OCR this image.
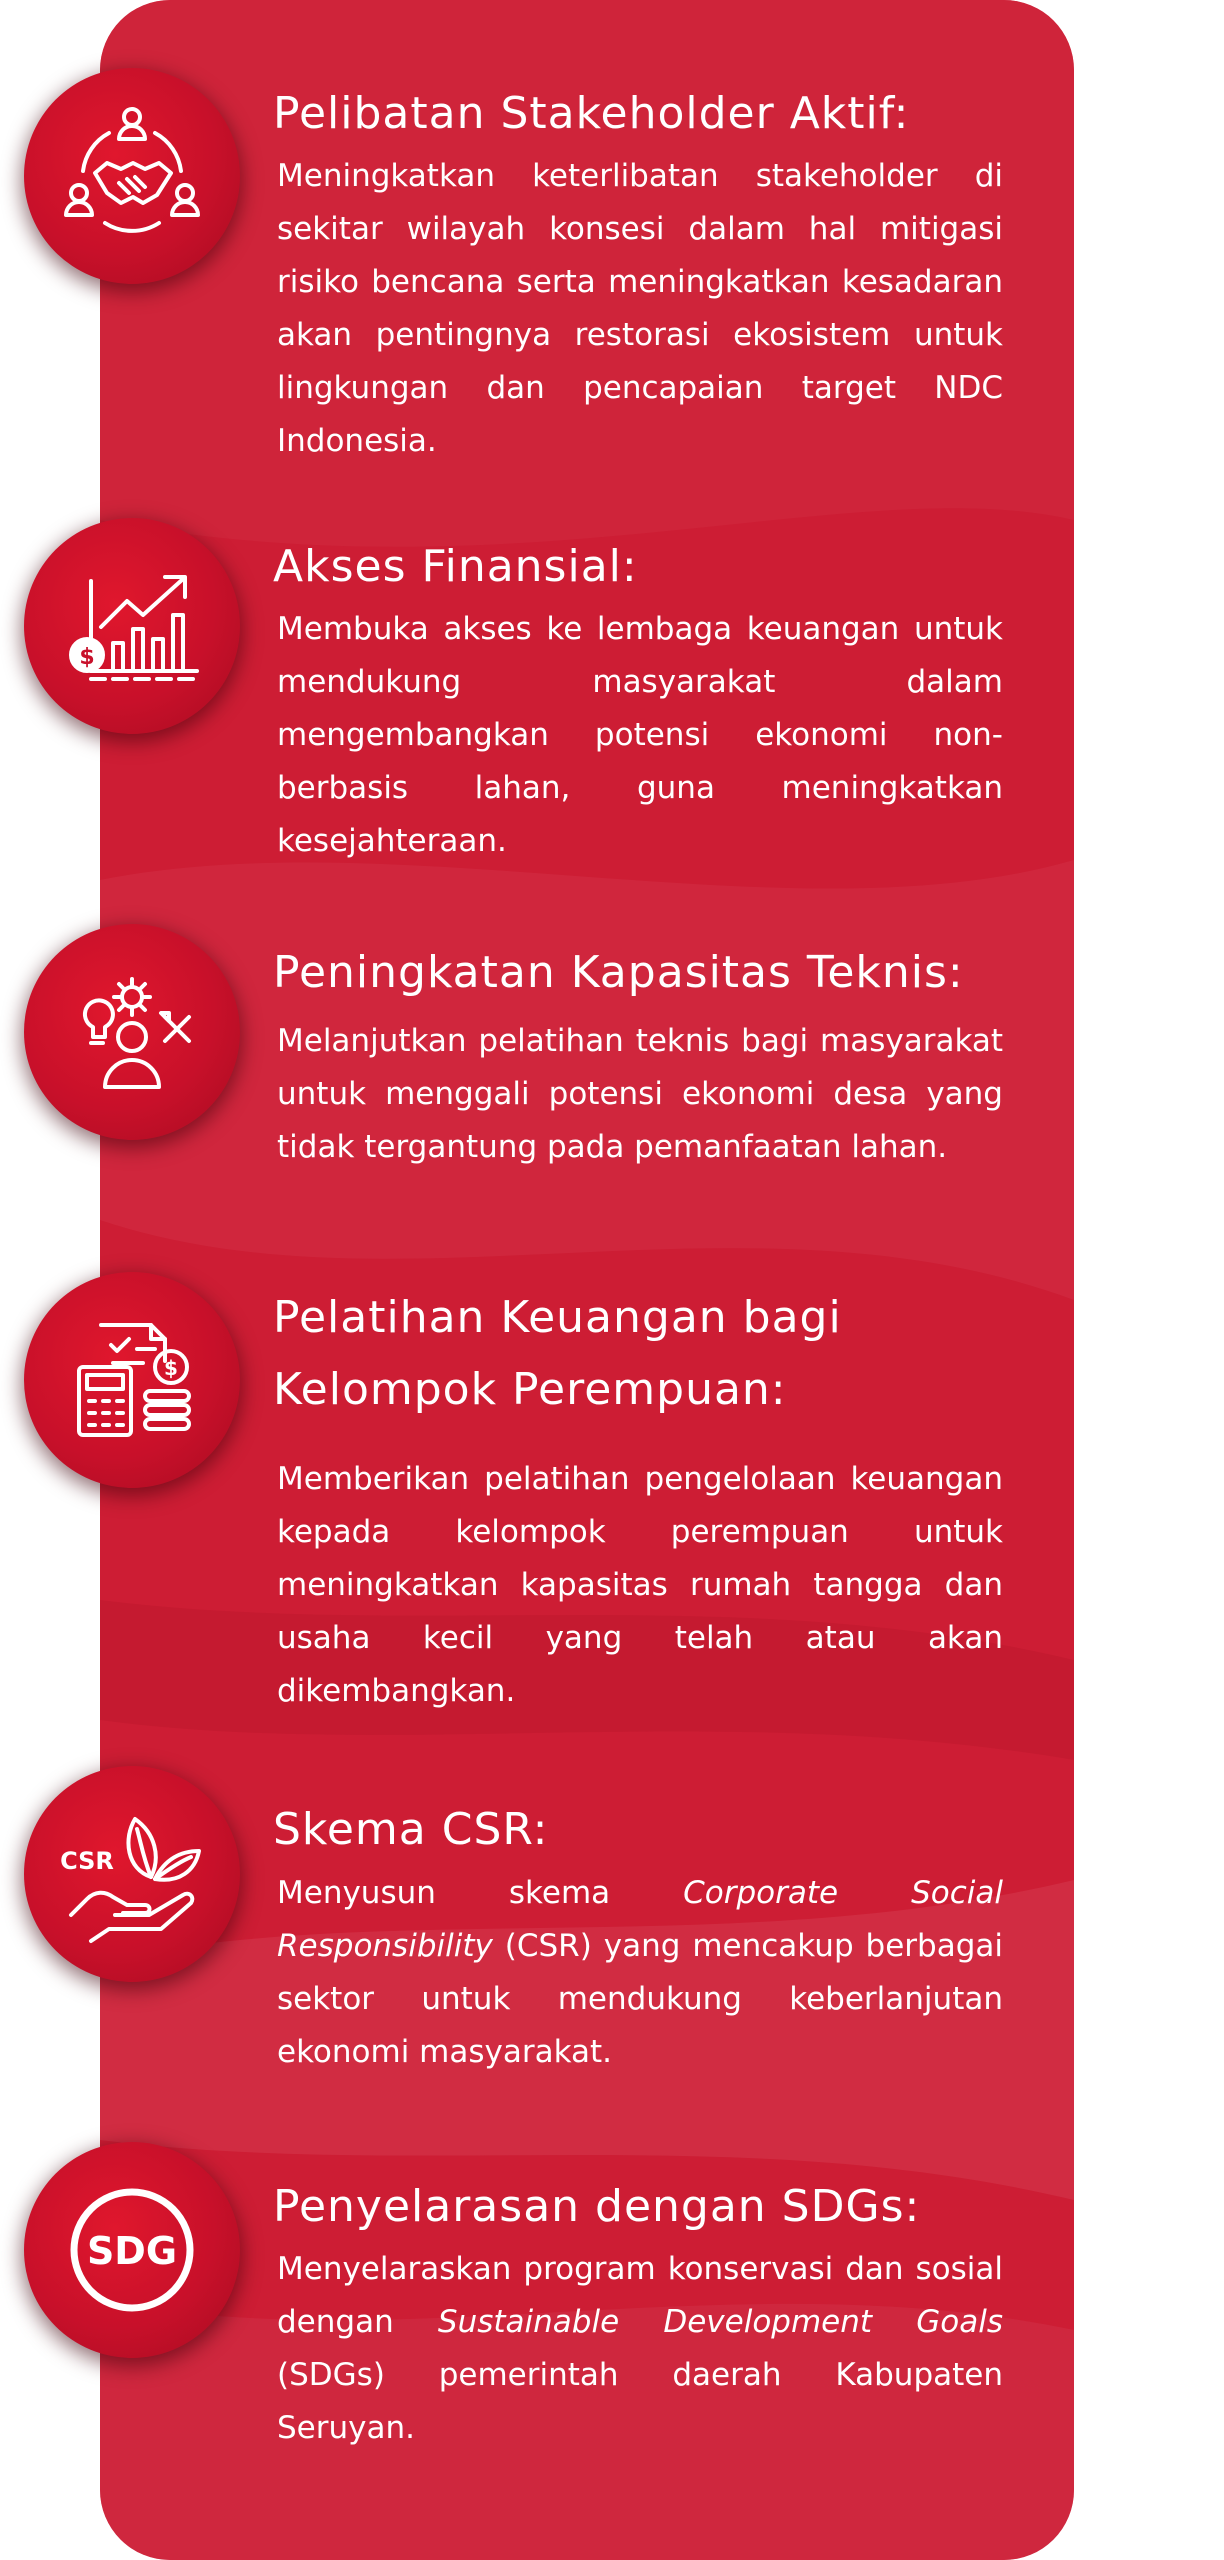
Pelibatan Stakeholder Aktif:
Meningkatkan keterlibatan stakeholder di sekitar wilayah konsesi dalam hal mitigasi risiko bencana serta meningkatkan kesadaran akan pentingnya restorasi ekosistem untuk lingkungan dan pencapaian target NDC Indonesia.
$
Akses Finansial:
Membuka akses ke lembaga keuangan untuk mendukung masyarakat dalam mengembangkan potensi ekonomi non-berbasis lahan, guna meningkatkan kesejahteraan.
Peningkatan Kapasitas Teknis:
Melanjutkan pelatihan teknis bagi masyarakat untuk menggali potensi ekonomi desa yang tidak tergantung pada pemanfaatan lahan.
$
Pelatihan Keuangan bagi
Kelompok Perempuan:
Memberikan pelatihan pengelolaan keuangan kepada kelompok perempuan untuk meningkatkan kapasitas rumah tangga dan usaha kecil yang telah atau akan dikembangkan.
CSR
Skema CSR:
Menyusun skema Corporate Social Responsibility (CSR) yang mencakup berbagai sektor untuk mendukung keberlanjutan ekonomi masyarakat.
SDG
Penyelarasan dengan SDGs:
Menyelaraskan program konservasi dan sosial dengan Sustainable Development Goals (SDGs) pemerintah daerah Kabupaten Seruyan.
